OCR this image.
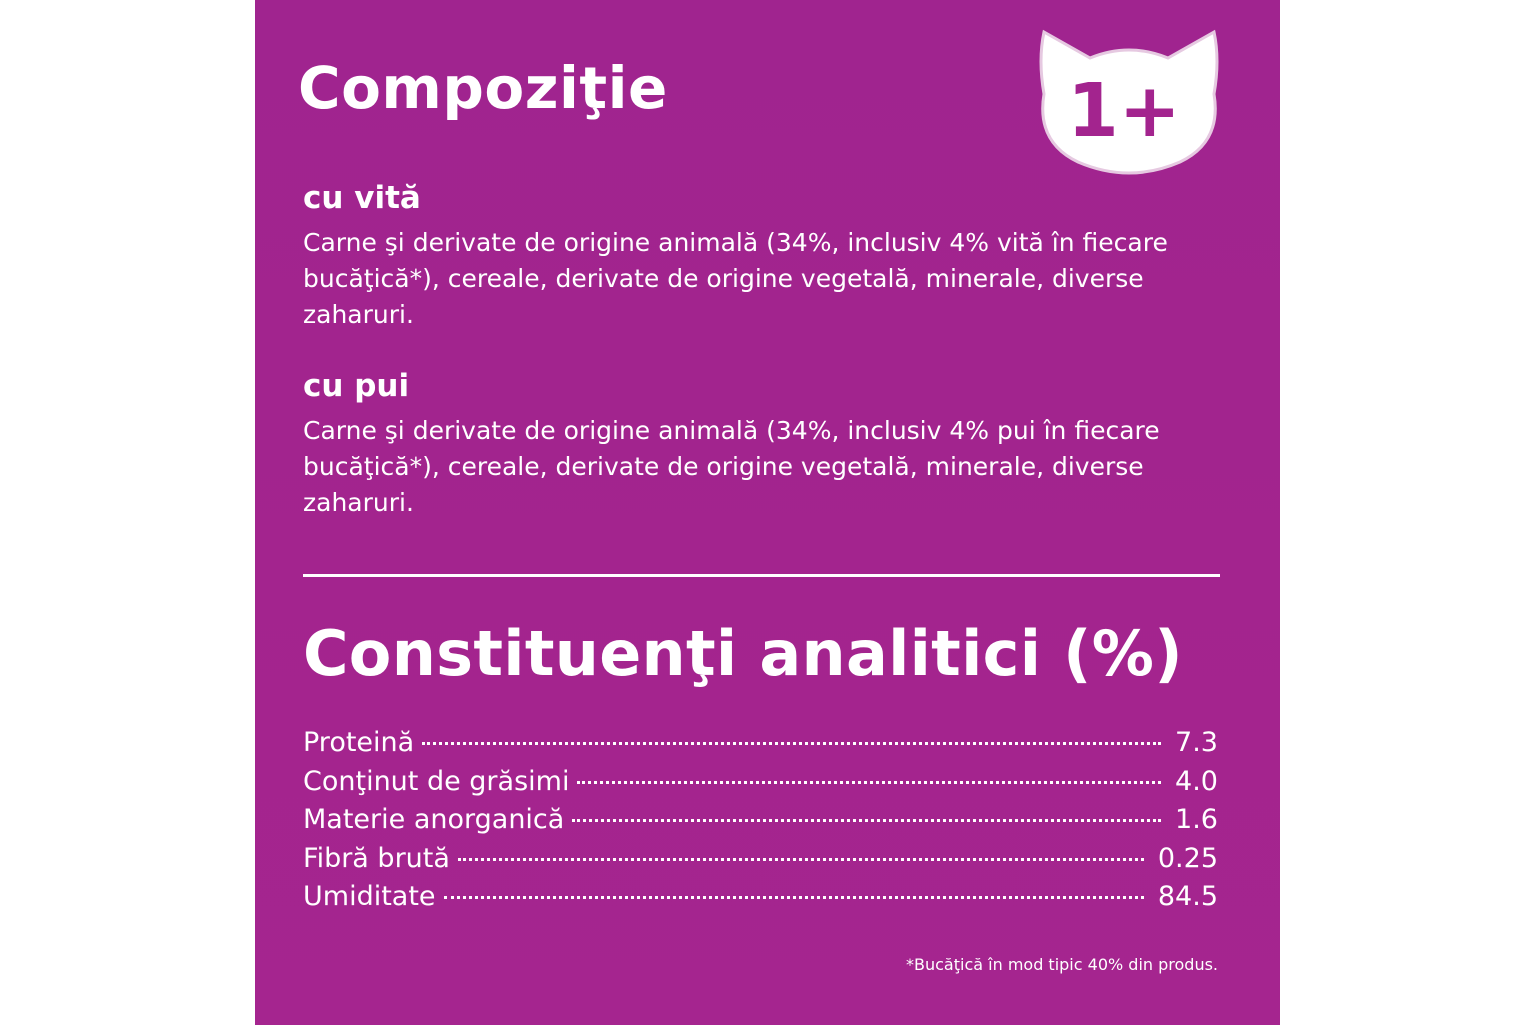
Compoziţie	1+
cu vită

Carne şi derivate de origine animală (34%, inclusiv 4% vită în fiecare bucăţică*), cereale, derivate de origine vegetală, minerale, diverse zaharuri.

cu pui

Carne şi derivate de origine animală (34%, inclusiv 4% pui în fiecare bucăţică*), cereale, derivate de origine vegetală, minerale, diverse zaharuri.

Constituenţi analitici (%)
Proteină	7.3
Conţinut de grăsimi	4.0
Materie anorganică	1.6
Fibră brută	0.25
Umiditate	84.5

*Bucăţică în mod tipic 40% din produs.
